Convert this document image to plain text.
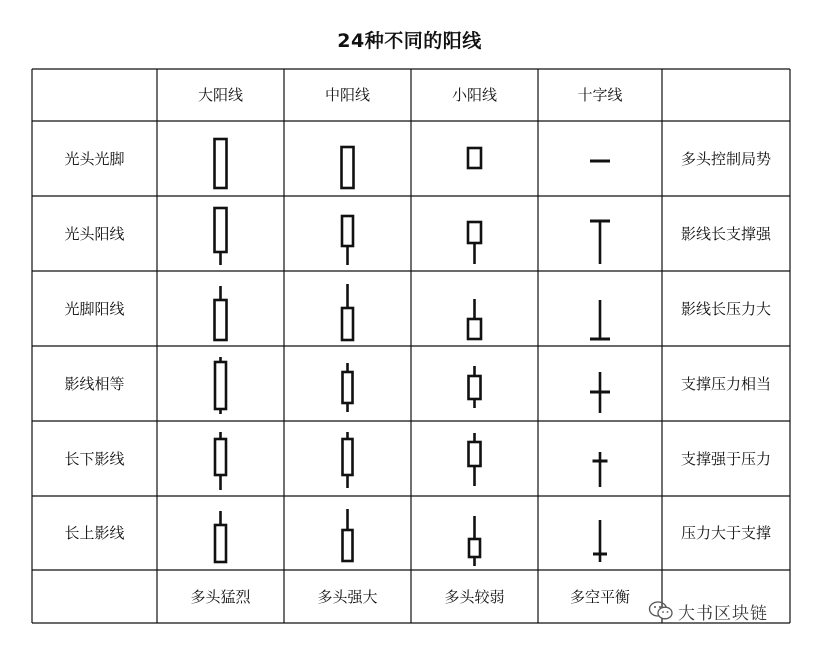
24种不同的阳线
大阳线	中阳线	小阳线	十字线
光头光脚	多头控制局势
光头阳线	影线长支撑强
光脚阳线	影线长压力大
影线相等	支撑压力相当
长下影线	支撑强于压力
长上影线	压力大于支撑
多头猛烈	多头强大	多头较弱	多空平衡
大书区块链
